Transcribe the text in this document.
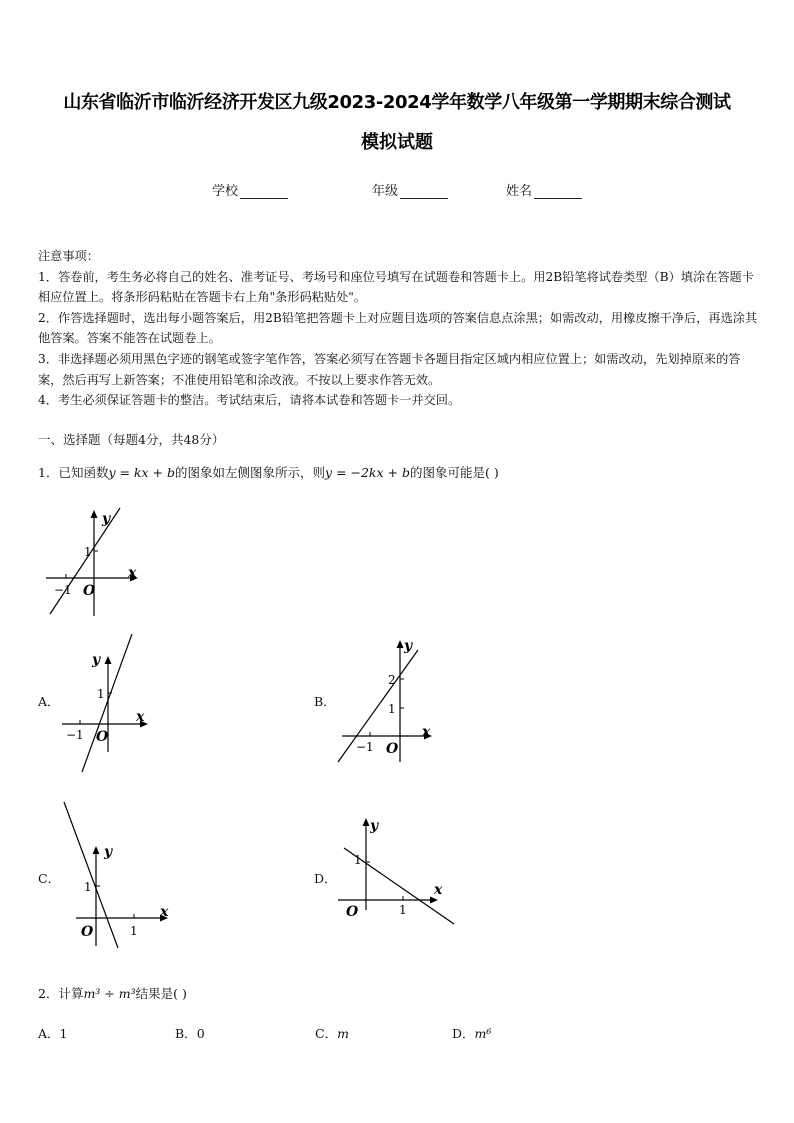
山东省临沂市临沂经济开发区九级2023-2024学年数学八年级第一学期期末综合测试
模拟试题
学校	年级	姓名

注意事项：

1．答卷前，考生务必将自己的姓名、准考证号、考场号和座位号填写在试题卷和答题卡上。用2B铅笔将试卷类型（B）填涂在答题卡相应位置上。将条形码粘贴在答题卡右上角"条形码粘贴处"。

2．作答选择题时，选出每小题答案后，用2B铅笔把答题卡上对应题目选项的答案信息点涂黑；如需改动，用橡皮擦干净后，再选涂其他答案。答案不能答在试题卷上。

3．非选择题必须用黑色字迹的钢笔或签字笔作答，答案必须写在答题卡各题目指定区域内相应位置上；如需改动，先划掉原来的答案，然后再写上新答案；不准使用铅笔和涂改液。不按以上要求作答无效。

4．考生必须保证答题卡的整洁。考试结束后，请将本试卷和答题卡一并交回。

一、选择题（每题4分，共48分）
1．已知函数y = kx + b的图象如左侧图象所示，则y = −2kx + b的图象可能是( )
x
y
O
1
−1
A．
x
y
O
1
−1
B．
x
y
O
1
2
−1
C．
x
y
O
1
1
D．
x
y
O
1
1
2．计算m³ ÷ m³结果是( )
A．1	B．0	C．m	D．m⁶
